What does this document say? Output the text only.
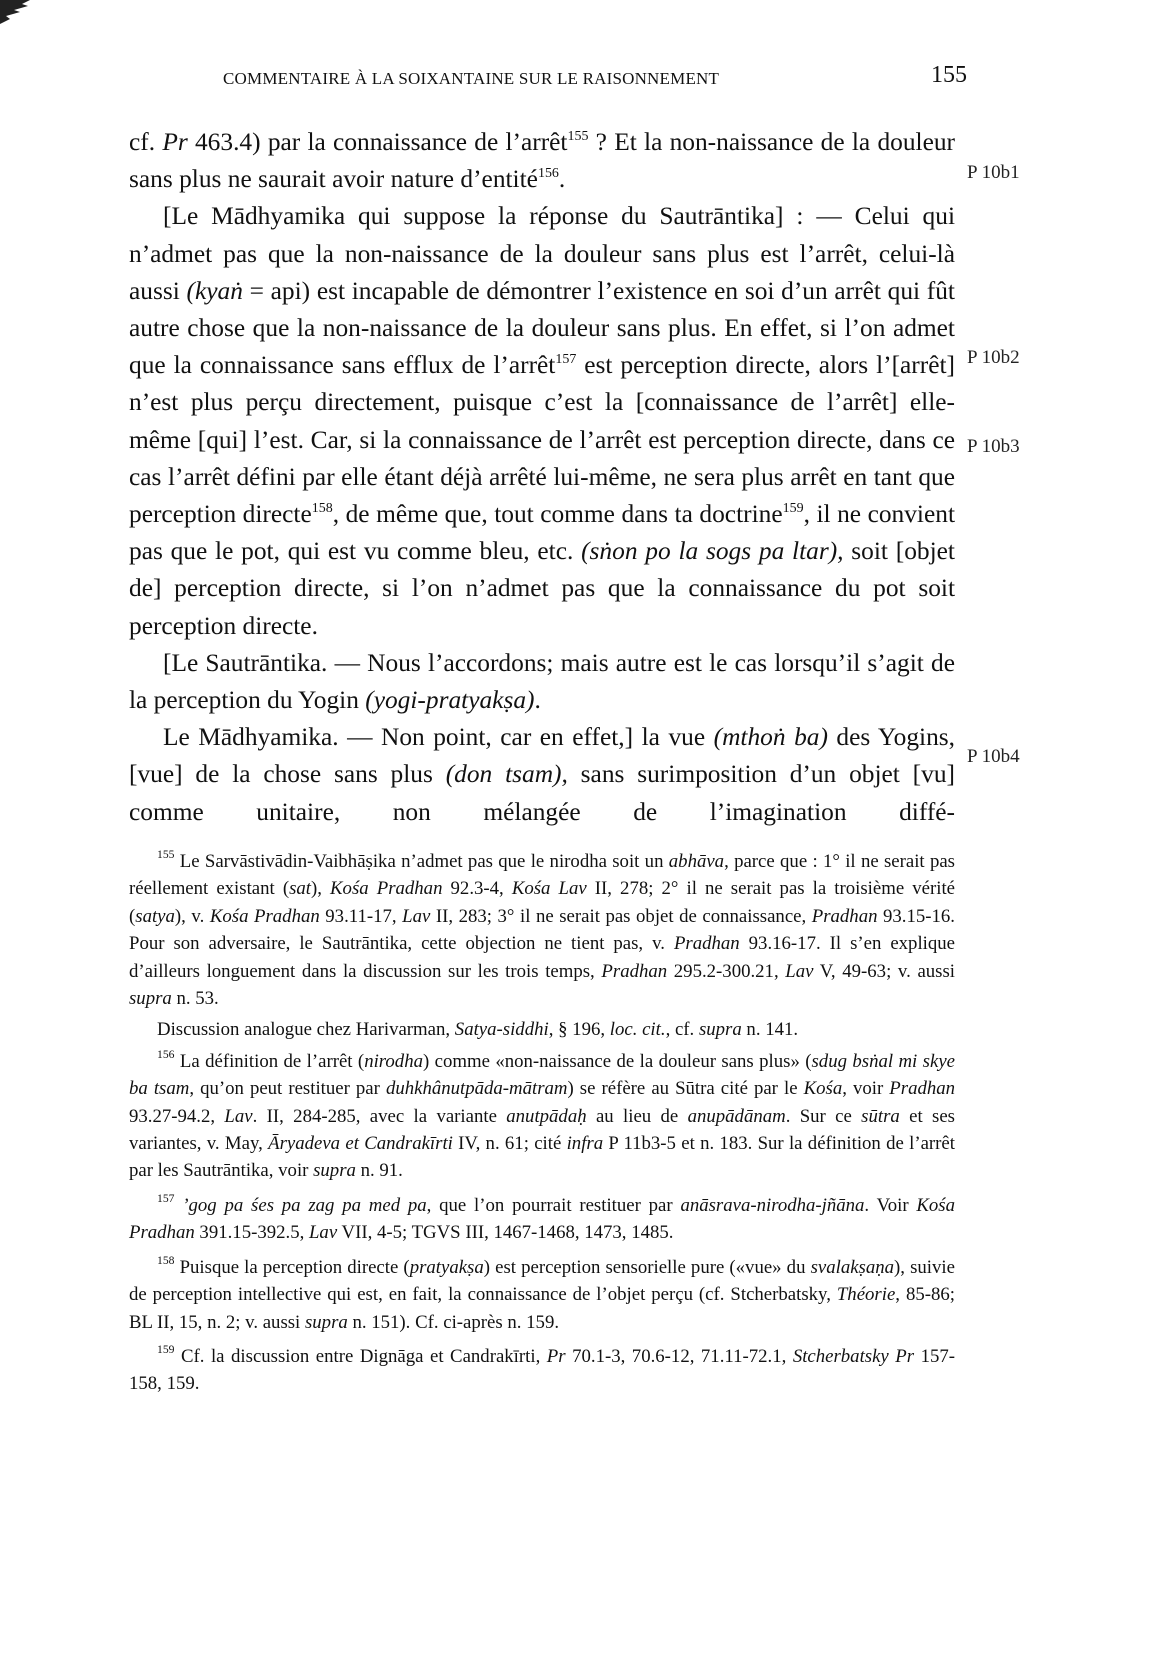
COMMENTAIRE À LA SOIXANTAINE SUR LE RAISONNEMENT	155
P 10b1
P 10b2
P 10b3
P 10b4

cf. Pr 463.4) par la connaissance de l’arrêt$^{155}$ ? Et la non-naissance de la douleur sans plus ne saurait avoir nature d’entité$^{156}$.

[Le Mādhyamika qui suppose la réponse du Sautrāntika] : — Celui qui n’admet pas que la non-naissance de la douleur sans plus est l’arrêt, celui-là aussi (kyaṅ = api) est incapable de démontrer l’existence en soi d’un arrêt qui fût autre chose que la non-naissance de la douleur sans plus. En effet, si l’on admet que la connaissance sans efflux de l’arrêt$^{157}$ est perception directe, alors l’[arrêt] n’est plus perçu directement, puisque c’est la [connaissance de l’arrêt] elle-même [qui] l’est. Car, si la connaissance de l’arrêt est perception directe, dans ce cas l’arrêt défini par elle étant déjà arrêté lui-même, ne sera plus arrêt en tant que perception directe$^{158}$, de même que, tout comme dans ta doctrine$^{159}$, il ne convient pas que le pot, qui est vu comme bleu, etc. (sṅon po la sogs pa ltar), soit [objet de] perception directe, si l’on n’admet pas que la connaissance du pot soit perception directe.

[Le Sautrāntika. — Nous l’accordons; mais autre est le cas lorsqu’il s’agit de la perception du Yogin (yogi-pratyakṣa).

Le Mādhyamika. — Non point, car en effet,] la vue (mthoṅ ba) des Yogins, [vue] de la chose sans plus (don tsam), sans surimposition d’un objet [vu] comme unitaire, non mélangée de l’imagination diffé-

$^{155}$ Le Sarvāstivādin-Vaibhāṣika n’admet pas que le nirodha soit un abhāva, parce que : 1° il ne serait pas réellement existant (sat), Kośa Pradhan 92.3-4, Kośa Lav II, 278; 2° il ne serait pas la troisième vérité (satya), v. Kośa Pradhan 93.11-17, Lav II, 283; 3° il ne serait pas objet de connaissance, Pradhan 93.15-16. Pour son adversaire, le Sautrāntika, cette objection ne tient pas, v. Pradhan 93.16-17. Il s’en explique d’ailleurs longuement dans la discussion sur les trois temps, Pradhan 295.2-300.21, Lav V, 49-63; v. aussi supra n. 53.

Discussion analogue chez Harivarman, Satya-siddhi, § 196, loc. cit., cf. supra n. 141.

$^{156}$ La définition de l’arrêt (nirodha) comme «non-naissance de la douleur sans plus» (sdug bsṅal mi skye ba tsam, qu’on peut restituer par duhkhânutpāda-mātram) se réfère au Sūtra cité par le Kośa, voir Pradhan 93.27-94.2, Lav. II, 284-285, avec la variante anutpādaḥ au lieu de anupādānam. Sur ce sūtra et ses variantes, v. May, Āryadeva et Candrakīrti IV, n. 61; cité infra P 11b3-5 et n. 183. Sur la définition de l’arrêt par les Sautrāntika, voir supra n. 91.

$^{157}$ ’gog pa śes pa zag pa med pa, que l’on pourrait restituer par anāsrava-nirodha-jñāna. Voir Kośa Pradhan 391.15-392.5, Lav VII, 4-5; TGVS III, 1467-1468, 1473, 1485.

$^{158}$ Puisque la perception directe (pratyakṣa) est perception sensorielle pure («vue» du svalakṣaṇa), suivie de perception intellective qui est, en fait, la connaissance de l’objet perçu (cf. Stcherbatsky, Théorie, 85-86; BL II, 15, n. 2; v. aussi supra n. 151). Cf. ci-après n. 159.

$^{159}$ Cf. la discussion entre Dignāga et Candrakīrti, Pr 70.1-3, 70.6-12, 71.11-72.1, Stcherbatsky Pr 157-158, 159.
